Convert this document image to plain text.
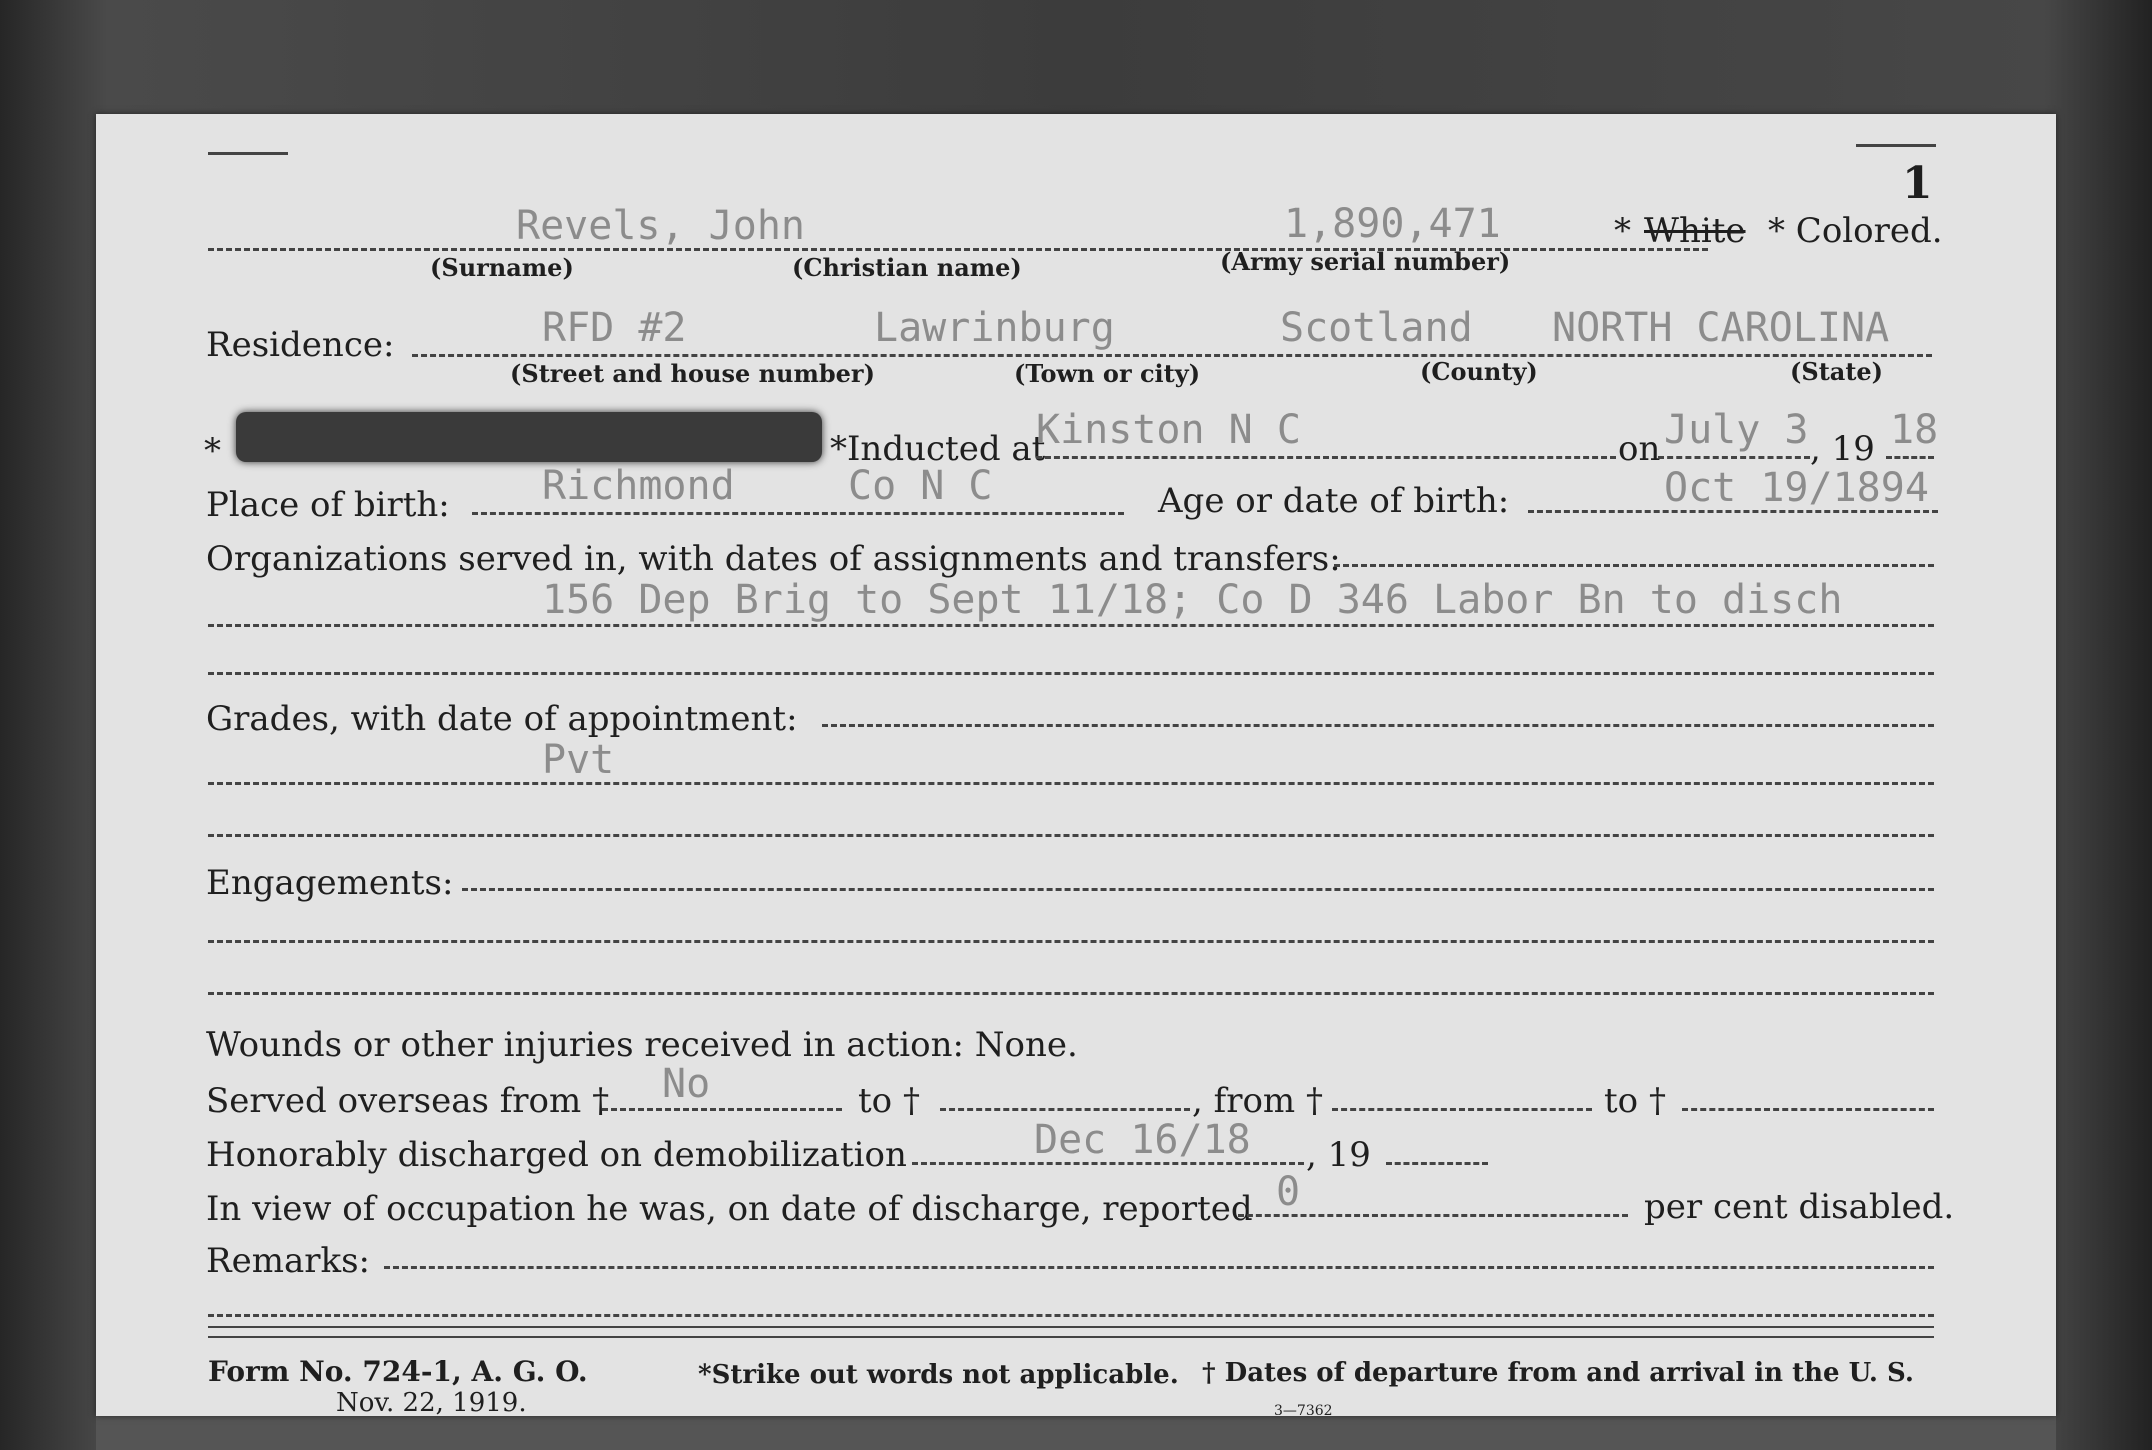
1
Revels, John	1,890,471	* White * Colored.
(Surname)	(Christian name)	(Army serial number)
Residence:	RFD #2	Lawrinburg	Scotland NORTH CAROLINA
(Street and house number)	(Town or city)	(County)	(State)
*	*Inducted at
Kinston N C	on July 3 , 19 18
Place of birth: Richmond	Co N C	Age or date of birth:	Oct 19/1894
Organizations served in, with dates of assignments and transfers:
156 Dep Brig to Sept 11/18; Co D 346 Labor Bn to disch
Grades, with date of appointment:
Pvt
Engagements:
Wounds or other injuries received in action: None.
Served overseas from † No	to †	, from †	to †
Honorably discharged on demobilization	Dec 16/18 , 19
In view of occupation he was, on date of discharge, reported 0	per cent disabled.
Remarks:
Form No. 724-1, A. G. O.
Nov. 22, 1919.
*Strike out words not applicable. † Dates of departure from and arrival in the U. S.
3—7362
